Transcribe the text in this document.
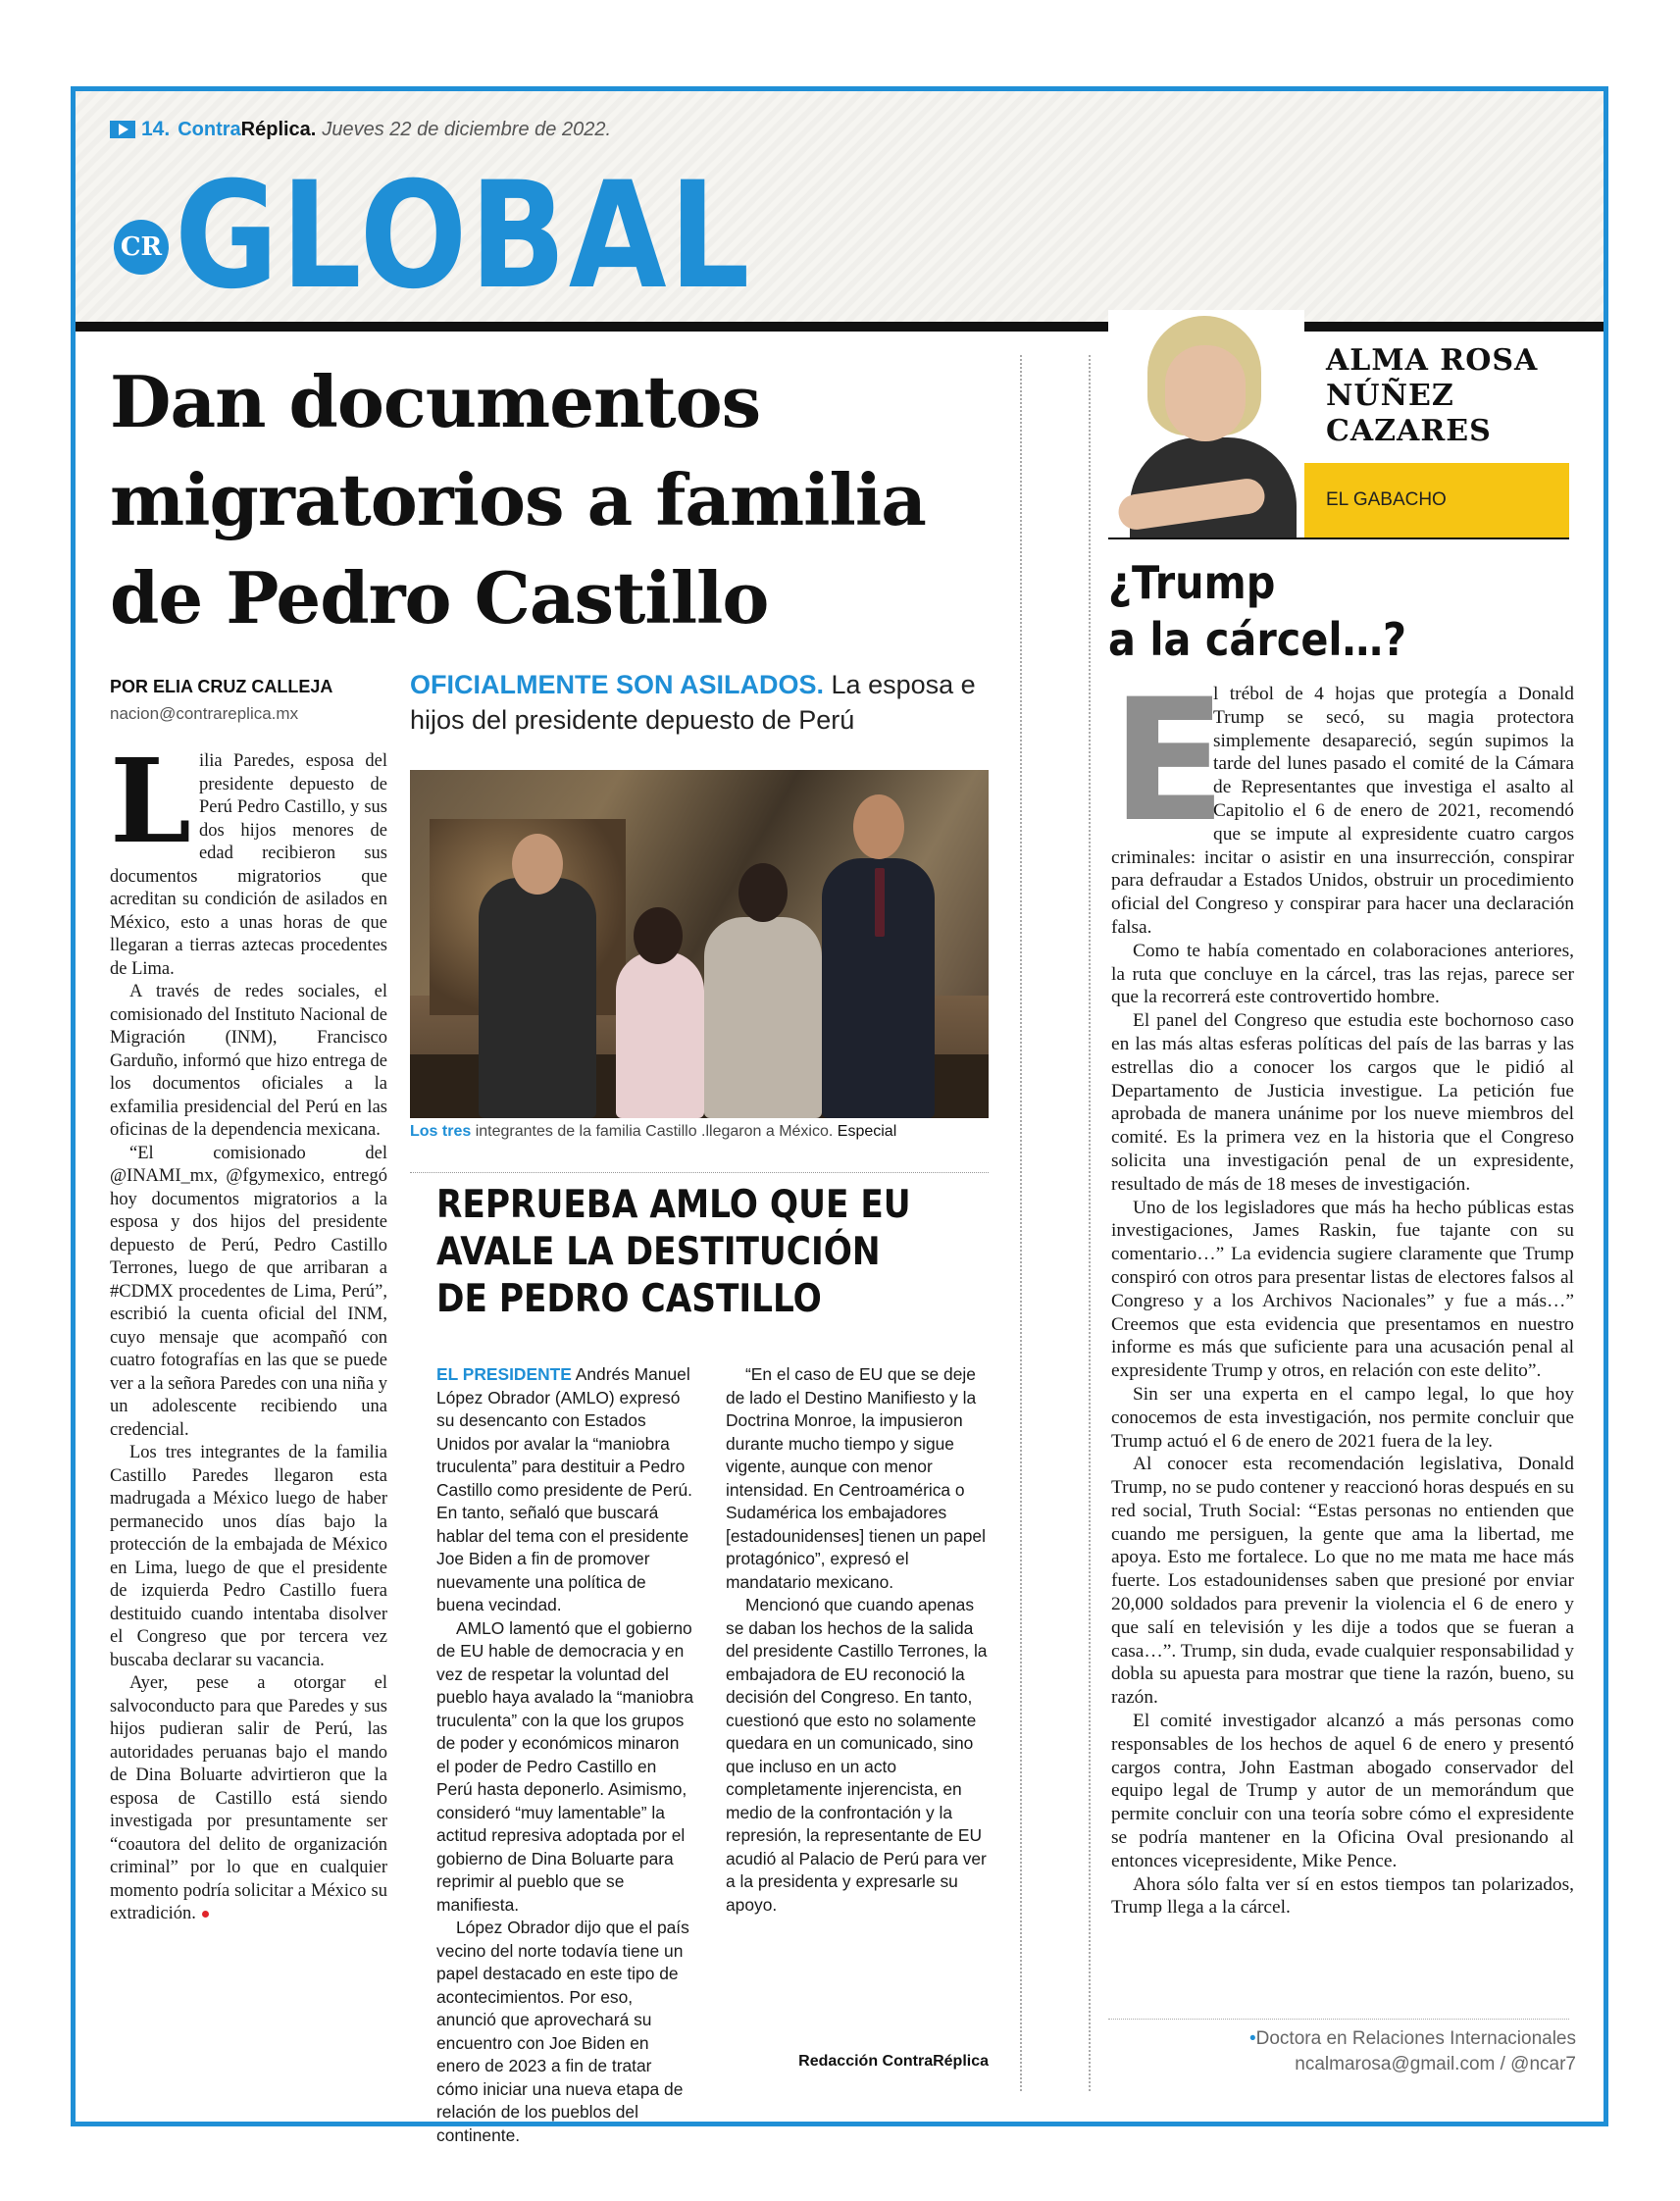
14. ContraRéplica. Jueves 22 de diciembre de 2022.
CR GLOBAL
Dan documentos migratorios a familia de Pedro Castillo
POR ELIA CRUZ CALLEJA
nacion@contrareplica.mx

Lilia Paredes, esposa del presidente depuesto de Perú Pedro Castillo, y sus dos hijos menores de edad recibieron sus documentos migratorios que acreditan su condición de asilados en México, esto a unas horas de que llegaran a tierras aztecas procedentes de Lima.

A través de redes sociales, el comisionado del Instituto Nacional de Migración (INM), Francisco Garduño, informó que hizo entrega de los documentos oficiales a la exfamilia presidencial del Perú en las oficinas de la dependencia mexicana.

“El comisionado del @INAMI_mx, @fgymexico, entregó hoy documentos migratorios a la esposa y dos hijos del presidente depuesto de Perú, Pedro Castillo Terrones, luego de que arribaran a #CDMX procedentes de Lima, Perú”, escribió la cuenta oficial del INM, cuyo mensaje que acompañó con cuatro fotografías en las que se puede ver a la señora Paredes con una niña y un adolescente recibiendo una credencial.

Los tres integrantes de la familia Castillo Paredes llegaron esta madrugada a México luego de haber permanecido unos días bajo la protección de la embajada de México en Lima, luego de que el presidente de izquierda Pedro Castillo fuera destituido cuando intentaba disolver el Congreso que por tercera vez buscaba declarar su vacancia.

Ayer, pese a otorgar el salvoconducto para que Paredes y sus hijos pudieran salir de Perú, las autoridades peruanas bajo el mando de Dina Boluarte advirtieron que la esposa de Castillo está siendo investigada por presuntamente ser “coautora del delito de organización criminal” por lo que en cualquier momento podría solicitar a México su extradición.

OFICIALMENTE SON ASILADOS. La esposa e hijos del presidente depuesto de Perú
Los tres integrantes de la familia Castillo .llegaron a México. Especial
REPRUEBA AMLO QUE EU AVALE LA DESTITUCIÓN DE PEDRO CASTILLO

EL PRESIDENTE Andrés Manuel López Obrador (AMLO) expresó su desencanto con Estados Unidos por avalar la “maniobra truculenta” para destituir a Pedro Castillo como presidente de Perú. En tanto, señaló que buscará hablar del tema con el presidente Joe Biden a fin de promover nuevamente una política de buena vecindad.

AMLO lamentó que el gobierno de EU hable de democracia y en vez de respetar la voluntad del pueblo haya avalado la “maniobra truculenta” con la que los grupos de poder y económicos minaron el poder de Pedro Castillo en Perú hasta deponerlo. Asimismo, consideró “muy lamentable” la actitud represiva adoptada por el gobierno de Dina Boluarte para reprimir al pueblo que se manifiesta.

López Obrador dijo que el país vecino del norte todavía tiene un papel destacado en este tipo de acontecimientos. Por eso, anunció que aprovechará su encuentro con Joe Biden en enero de 2023 a fin de tratar cómo iniciar una nueva etapa de relación de los pueblos del continente.

“En el caso de EU que se deje de lado el Destino Manifiesto y la Doctrina Monroe, la impusieron durante mucho tiempo y sigue vigente, aunque con menor intensidad. En Centroamérica o Sudamérica los embajadores [estadounidenses] tienen un papel protagónico”, expresó el mandatario mexicano.

Mencionó que cuando apenas se daban los hechos de la salida del presidente Castillo Terrones, la embajadora de EU reconoció la decisión del Congreso. En tanto, cuestionó que esto no solamente quedara en un comunicado, sino que incluso en un acto completamente injerencista, en medio de la confrontación y la represión, la representante de EU acudió al Palacio de Perú para ver a la presidenta y expresarle su apoyo.

Redacción ContraRéplica
ALMA ROSA
NÚÑEZ
CAZARES
EL GABACHO
¿Trump
a la cárcel…?

E
l trébol de 4 hojas que protegía a Donald Trump se secó, su magia protectora simplemente desapareció, según supimos la tarde del lunes pasado el comité de la Cámara de Representantes que investiga el asalto al Capitolio el 6 de enero de 2021, recomendó que se impute al expresidente cuatro cargos criminales: incitar o asistir en una insurrección, conspirar para defraudar a Estados Unidos, obstruir un procedimiento oficial del Congreso y conspirar para hacer una declaración falsa.

Como te había comentado en colaboraciones anteriores, la ruta que concluye en la cárcel, tras las rejas, parece ser que la recorrerá este controvertido hombre.

El panel del Congreso que estudia este bochornoso caso en las más altas esferas políticas del país de las barras y las estrellas dio a conocer los cargos que le pidió al Departamento de Justicia investigue. La petición fue aprobada de manera unánime por los nueve miembros del comité. Es la primera vez en la historia que el Congreso solicita una investigación penal de un expresidente, resultado de más de 18 meses de investigación.

Uno de los legisladores que más ha hecho públicas estas investigaciones, James Raskin, fue tajante con su comentario…” La evidencia sugiere claramente que Trump conspiró con otros para presentar listas de electores falsos al Congreso y a los Archivos Nacionales” y fue a más…” Creemos que esta evidencia que presentamos en nuestro informe es más que suficiente para una acusación penal al expresidente Trump y otros, en relación con este delito”.

Sin ser una experta en el campo legal, lo que hoy conocemos de esta investigación, nos permite concluir que Trump actuó el 6 de enero de 2021 fuera de la ley.

Al conocer esta recomendación legislativa, Donald Trump, no se pudo contener y reaccionó horas después en su red social, Truth Social: “Estas personas no entienden que cuando me persiguen, la gente que ama la libertad, me apoya. Esto me fortalece. Lo que no me mata me hace más fuerte. Los estadounidenses saben que presioné por enviar 20,000 soldados para prevenir la violencia el 6 de enero y que salí en televisión y les dije a todos que se fueran a casa…”. Trump, sin duda, evade cualquier responsabilidad y dobla su apuesta para mostrar que tiene la razón, bueno, su razón.

El comité investigador alcanzó a más personas como responsables de los hechos de aquel 6 de enero y presentó cargos contra, John Eastman abogado conservador del equipo legal de Trump y autor de un memorándum que permite concluir con una teoría sobre cómo el expresidente se podría mantener en la Oficina Oval presionando al entonces vicepresidente, Mike Pence.

Ahora sólo falta ver sí en estos tiempos tan polarizados, Trump llega a la cárcel.

•Doctora en Relaciones Internacionales
ncalmarosa@gmail.com / @ncar7
